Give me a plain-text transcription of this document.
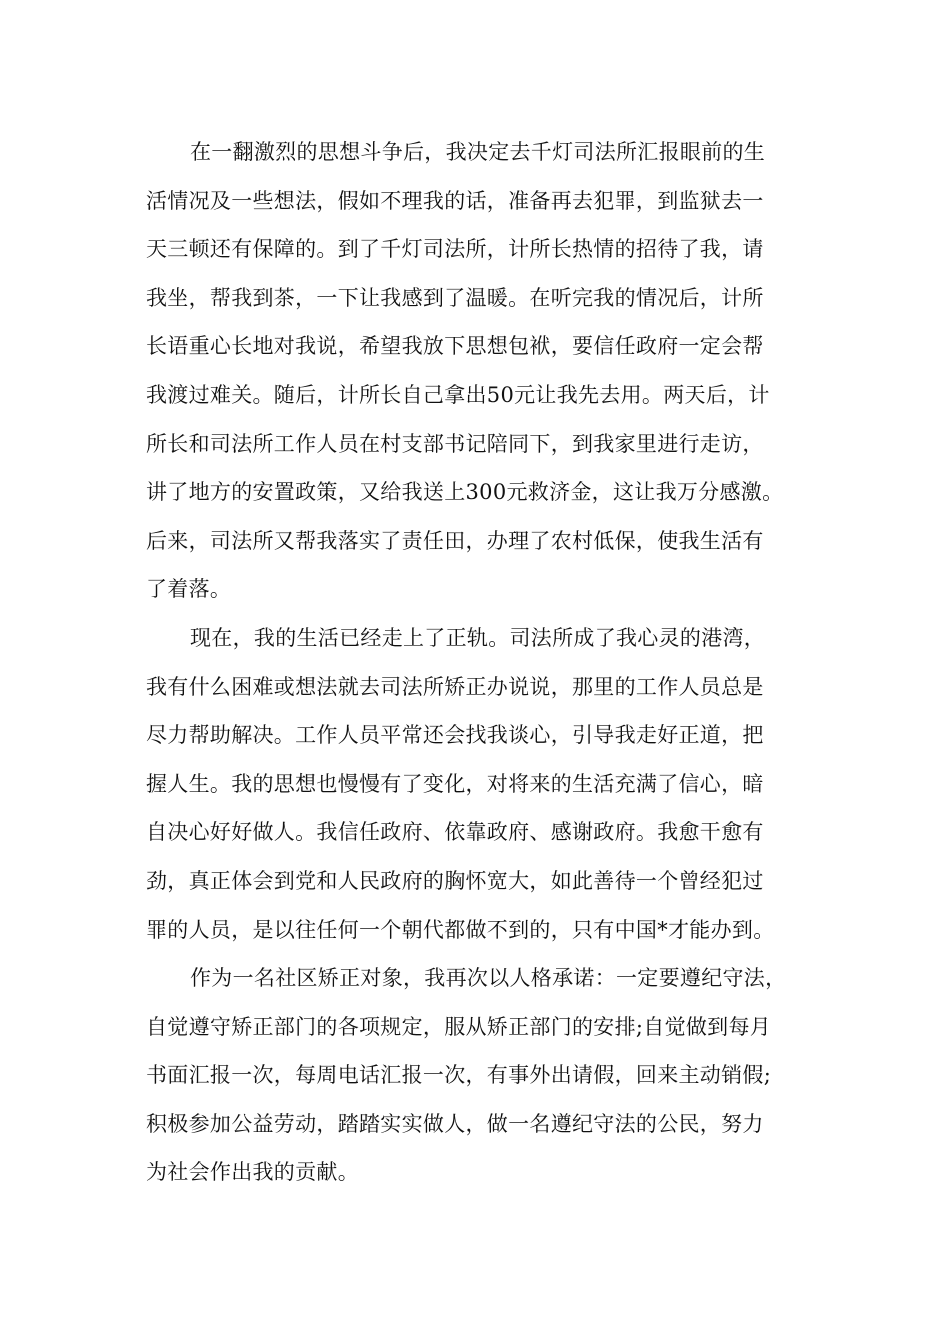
在一翻激烈的思想斗争后，我决定去千灯司法所汇报眼前的生
活情况及一些想法，假如不理我的话，准备再去犯罪，到监狱去一
天三顿还有保障的。到了千灯司法所，计所长热情的招待了我，请
我坐，帮我到茶，一下让我感到了温暖。在听完我的情况后，计所
长语重心长地对我说，希望我放下思想包袱，要信任政府一定会帮
我渡过难关。随后，计所长自己拿出50元让我先去用。两天后，计
所长和司法所工作人员在村支部书记陪同下，到我家里进行走访，
讲了地方的安置政策，又给我送上300元救济金，这让我万分感激。
后来，司法所又帮我落实了责任田，办理了农村低保，使我生活有
了着落。
现在，我的生活已经走上了正轨。司法所成了我心灵的港湾，
我有什么困难或想法就去司法所矫正办说说，那里的工作人员总是
尽力帮助解决。工作人员平常还会找我谈心，引导我走好正道，把
握人生。我的思想也慢慢有了变化，对将来的生活充满了信心，暗
自决心好好做人。我信任政府、依靠政府、感谢政府。我愈干愈有
劲，真正体会到党和人民政府的胸怀宽大，如此善待一个曾经犯过
罪的人员，是以往任何一个朝代都做不到的，只有中国*才能办到。
作为一名社区矫正对象，我再次以人格承诺：一定要遵纪守法，
自觉遵守矫正部门的各项规定，服从矫正部门的安排;自觉做到每月
书面汇报一次，每周电话汇报一次，有事外出请假，回来主动销假;
积极参加公益劳动，踏踏实实做人，做一名遵纪守法的公民，努力
为社会作出我的贡献。
